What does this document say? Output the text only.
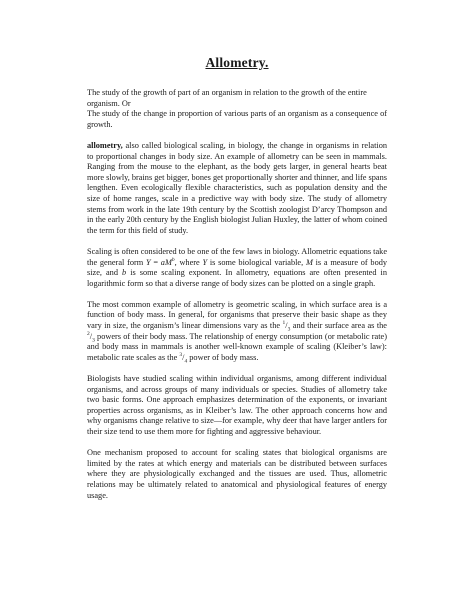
Allometry.

The study of the growth of part of an organism in relation to the growth of the entire organism. Or

The study of the change in proportion of various parts of an organism as a consequence of growth.

allometry, also called biological scaling, in biology, the change in organisms in relation to proportional changes in body size. An example of allometry can be seen in mammals. Ranging from the mouse to the elephant, as the body gets larger, in general hearts beat more slowly, brains get bigger, bones get proportionally shorter and thinner, and life spans lengthen. Even ecologically flexible characteristics, such as population density and the size of home ranges, scale in a predictive way with body size. The study of allometry stems from work in the late 19th century by the Scottish zoologist D’arcy Thompson and in the early 20th century by the English biologist Julian Huxley, the latter of whom coined the term for this field of study.

Scaling is often considered to be one of the few laws in biology. Allometric equations take the general form $Y = aM^b$, where Y is some biological variable, M is a measure of body size, and b is some scaling exponent. In allometry, equations are often presented in logarithmic form so that a diverse range of body sizes can be plotted on a single graph.

The most common example of allometry is geometric scaling, in which surface area is a function of body mass. In general, for organisms that preserve their basic shape as they vary in size, the organism’s linear dimensions vary as the $^1/_3$ and their surface area as the $^2/_3$ powers of their body mass. The relationship of energy consumption (or metabolic rate) and body mass in mammals is another well-known example of scaling (Kleiber’s law): metabolic rate scales as the $^3/_4$ power of body mass.

Biologists have studied scaling within individual organisms, among different individual organisms, and across groups of many individuals or species. Studies of allometry take two basic forms. One approach emphasizes determination of the exponents, or invariant properties across organisms, as in Kleiber’s law. The other approach concerns how and why organisms change relative to size—for example, why deer that have larger antlers for their size tend to use them more for fighting and aggressive behaviour.

One mechanism proposed to account for scaling states that biological organisms are limited by the rates at which energy and materials can be distributed between surfaces where they are physiologically exchanged and the tissues are used. Thus, allometric relations may be ultimately related to anatomical and physiological features of energy usage.
